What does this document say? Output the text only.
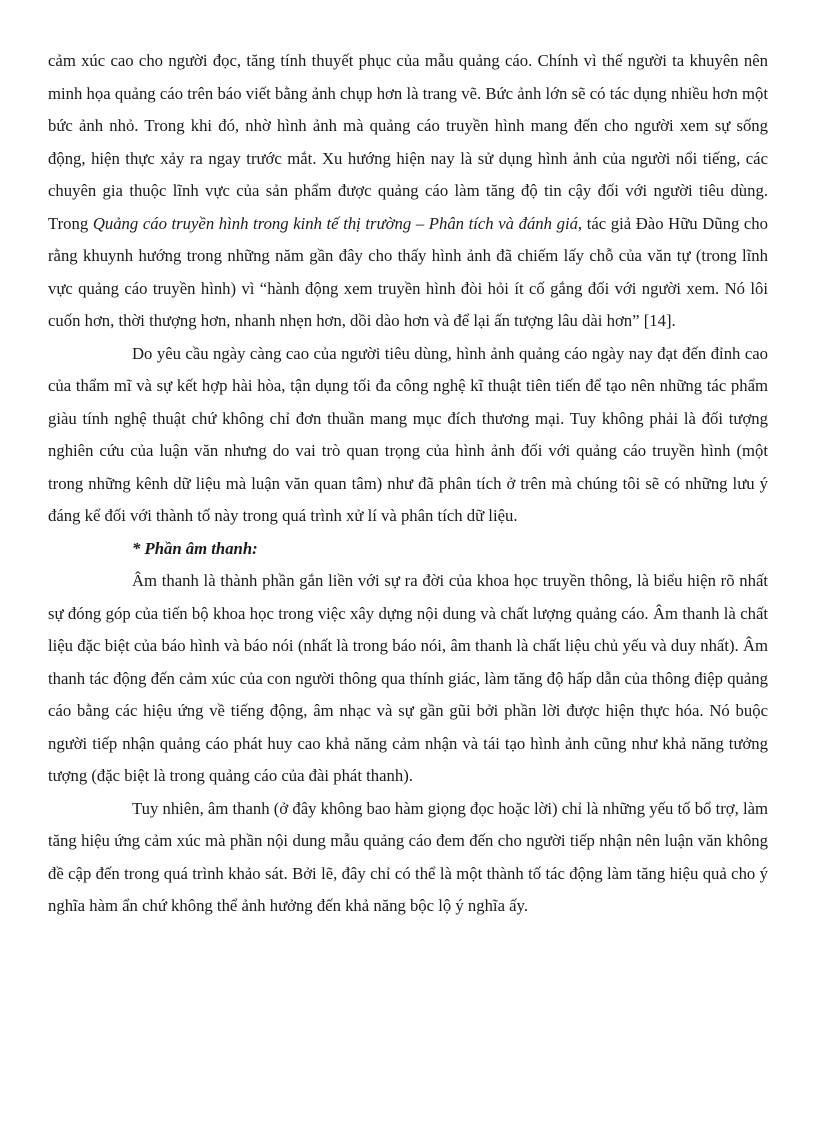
cảm xúc cao cho người đọc, tăng tính thuyết phục của mẫu quảng cáo. Chính vì thế người ta khuyên nên minh họa quảng cáo trên báo viết bằng ảnh chụp hơn là trang vẽ. Bức ảnh lớn sẽ có tác dụng nhiều hơn một bức ảnh nhỏ. Trong khi đó, nhờ hình ảnh mà quảng cáo truyền hình mang đến cho người xem sự sống động, hiện thực xảy ra ngay trước mắt. Xu hướng hiện nay là sử dụng hình ảnh của người nổi tiếng, các chuyên gia thuộc lĩnh vực của sản phẩm được quảng cáo làm tăng độ tin cậy đối với người tiêu dùng. Trong Quảng cáo truyền hình trong kinh tế thị trường – Phân tích và đánh giá, tác giả Đào Hữu Dũng cho rằng khuynh hướng trong những năm gần đây cho thấy hình ảnh đã chiếm lấy chỗ của văn tự (trong lĩnh vực quảng cáo truyền hình) vì “hành động xem truyền hình đòi hỏi ít cố gắng đối với người xem. Nó lôi cuốn hơn, thời thượng hơn, nhanh nhẹn hơn, dồi dào hơn và để lại ấn tượng lâu dài hơn” [14].

Do yêu cầu ngày càng cao của người tiêu dùng, hình ảnh quảng cáo ngày nay đạt đến đỉnh cao của thẩm mĩ và sự kết hợp hài hòa, tận dụng tối đa công nghệ kĩ thuật tiên tiến để tạo nên những tác phẩm giàu tính nghệ thuật chứ không chỉ đơn thuần mang mục đích thương mại. Tuy không phải là đối tượng nghiên cứu của luận văn nhưng do vai trò quan trọng của hình ảnh đối với quảng cáo truyền hình (một trong những kênh dữ liệu mà luận văn quan tâm) như đã phân tích ở trên mà chúng tôi sẽ có những lưu ý đáng kể đối với thành tố này trong quá trình xử lí và phân tích dữ liệu.

* Phần âm thanh:

Âm thanh là thành phần gắn liền với sự ra đời của khoa học truyền thông, là biểu hiện rõ nhất sự đóng góp của tiến bộ khoa học trong việc xây dựng nội dung và chất lượng quảng cáo. Âm thanh là chất liệu đặc biệt của báo hình và báo nói (nhất là trong báo nói, âm thanh là chất liệu chủ yếu và duy nhất). Âm thanh tác động đến cảm xúc của con người thông qua thính giác, làm tăng độ hấp dẫn của thông điệp quảng cáo bằng các hiệu ứng về tiếng động, âm nhạc và sự gần gũi bởi phần lời được hiện thực hóa. Nó buộc người tiếp nhận quảng cáo phát huy cao khả năng cảm nhận và tái tạo hình ảnh cũng như khả năng tưởng tượng (đặc biệt là trong quảng cáo của đài phát thanh).

Tuy nhiên, âm thanh (ở đây không bao hàm giọng đọc hoặc lời) chỉ là những yếu tố bổ trợ, làm tăng hiệu ứng cảm xúc mà phần nội dung mẫu quảng cáo đem đến cho người tiếp nhận nên luận văn không đề cập đến trong quá trình khảo sát. Bởi lẽ, đây chỉ có thể là một thành tố tác động làm tăng hiệu quả cho ý nghĩa hàm ẩn chứ không thể ảnh hưởng đến khả năng bộc lộ ý nghĩa ấy.
